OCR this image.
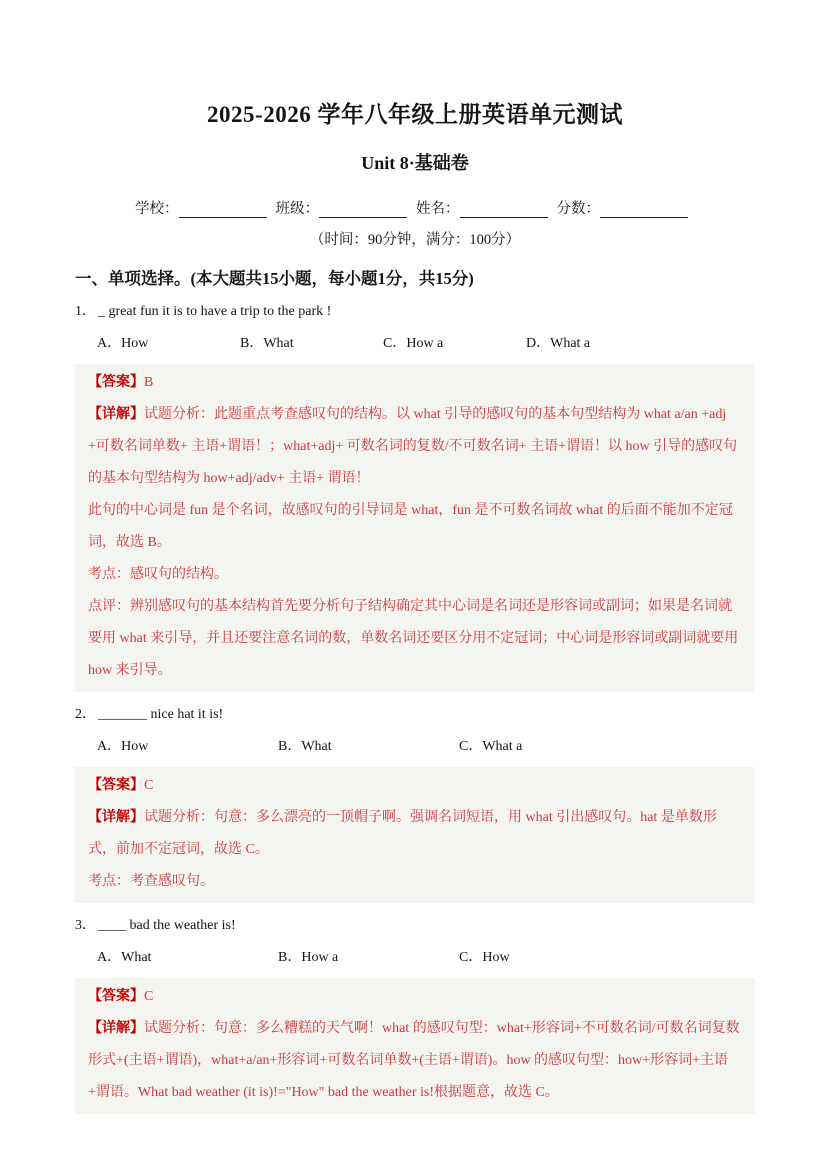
2025-2026 学年八年级上册英语单元测试
Unit 8·基础卷
学校：	班级：	姓名：	分数：
（时间：90分钟，满分：100分）
一、单项选择。(本大题共15小题，每小题1分，共15分)
1． _ great fun it is to have a trip to the park !
A．How	B．What	C．How a	D．What a

【答案】B

【详解】试题分析：此题重点考查感叹句的结构。以 what 引导的感叹句的基本句型结构为 what a/an +adj+可数名词单数+ 主语+谓语！；what+adj+ 可数名词的复数/不可数名词+ 主语+谓语！以 how 引导的感叹句的基本句型结构为 how+adj/adv+ 主语+ 谓语！

此句的中心词是 fun 是个名词，故感叹句的引导词是 what，fun 是不可数名词故 what 的后面不能加不定冠词，故选 B。

考点：感叹句的结构。

点评：辨别感叹句的基本结构首先要分析句子结构确定其中心词是名词还是形容词或副词；如果是名词就要用 what 来引导，并且还要注意名词的数，单数名词还要区分用不定冠词；中心词是形容词或副词就要用 how 来引导。

2． _______ nice hat it is!
A．How	B．What	C．What a

【答案】C

【详解】试题分析：句意：多么漂亮的一顶帽子啊。强调名词短语，用 what 引出感叹句。hat 是单数形式，前加不定冠词，故选 C。

考点：考查感叹句。

3． ____ bad the weather is!
A．What	B．How a	C．How

【答案】C

【详解】试题分析：句意：多么糟糕的天气啊！what 的感叹句型：what+形容词+不可数名词/可数名词复数形式+(主语+谓语)，what+a/an+形容词+可数名词单数+(主语+谓语)。how 的感叹句型：how+形容词+主语+谓语。What bad weather (it is)!="How" bad the weather is!根据题意，故选 C。
